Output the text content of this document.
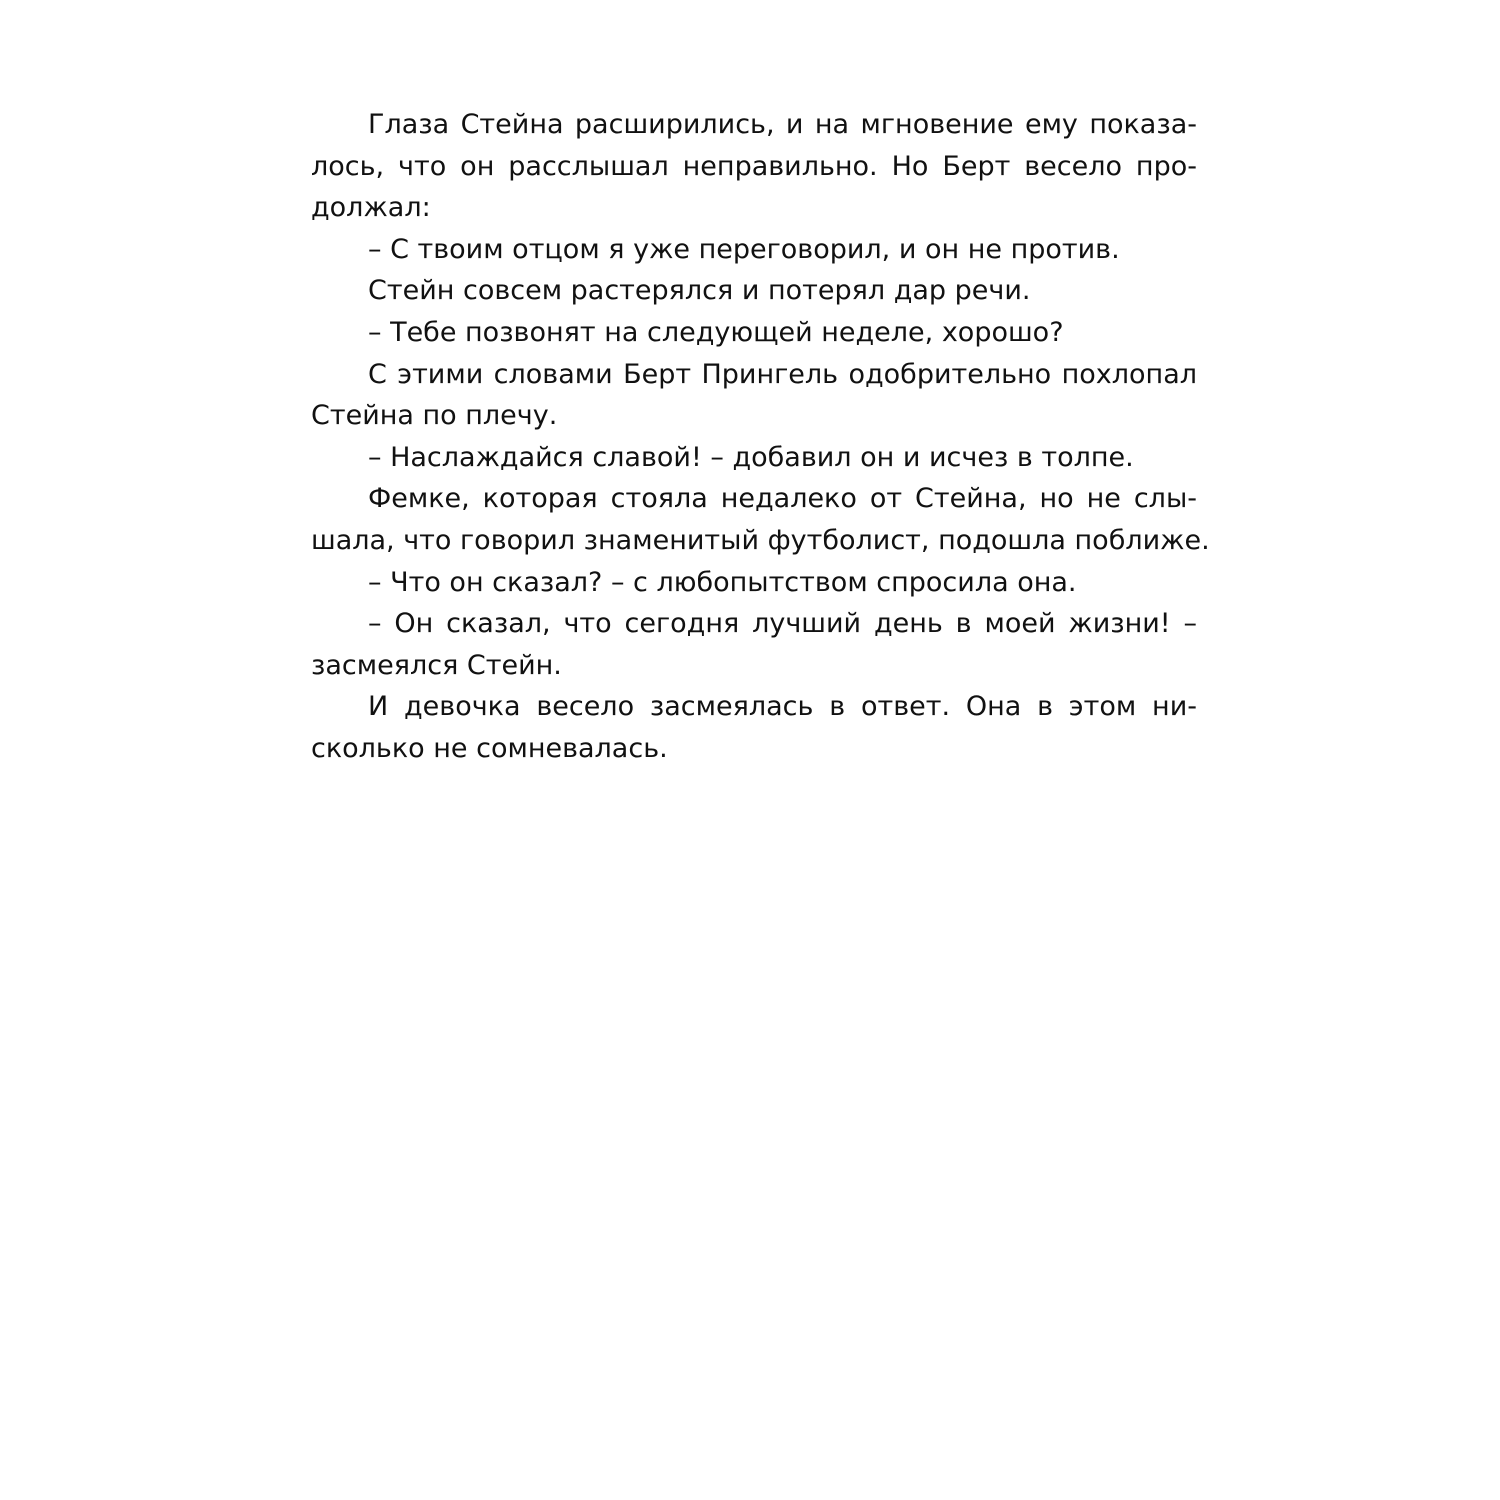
Глаза Стейна расширились, и на мгновение ему показа-
лось, что он расслышал неправильно. Но Берт весело про-
должал:
– С твоим отцом я уже переговорил, и он не против.
Стейн совсем растерялся и потерял дар речи.
– Тебе позвонят на следующей неделе, хорошо?
С этими словами Берт Прингель одобрительно похлопал
Стейна по плечу.
– Наслаждайся славой! – добавил он и исчез в толпе.
Фемке, которая стояла недалеко от Стейна, но не слы-
шала, что говорил знаменитый футболист, подошла поближе.
– Что он сказал? – с любопытством спросила она.
– Он сказал, что сегодня лучший день в моей жизни! –
засмеялся Стейн.
И девочка весело засмеялась в ответ. Она в этом ни-
сколько не сомневалась.
